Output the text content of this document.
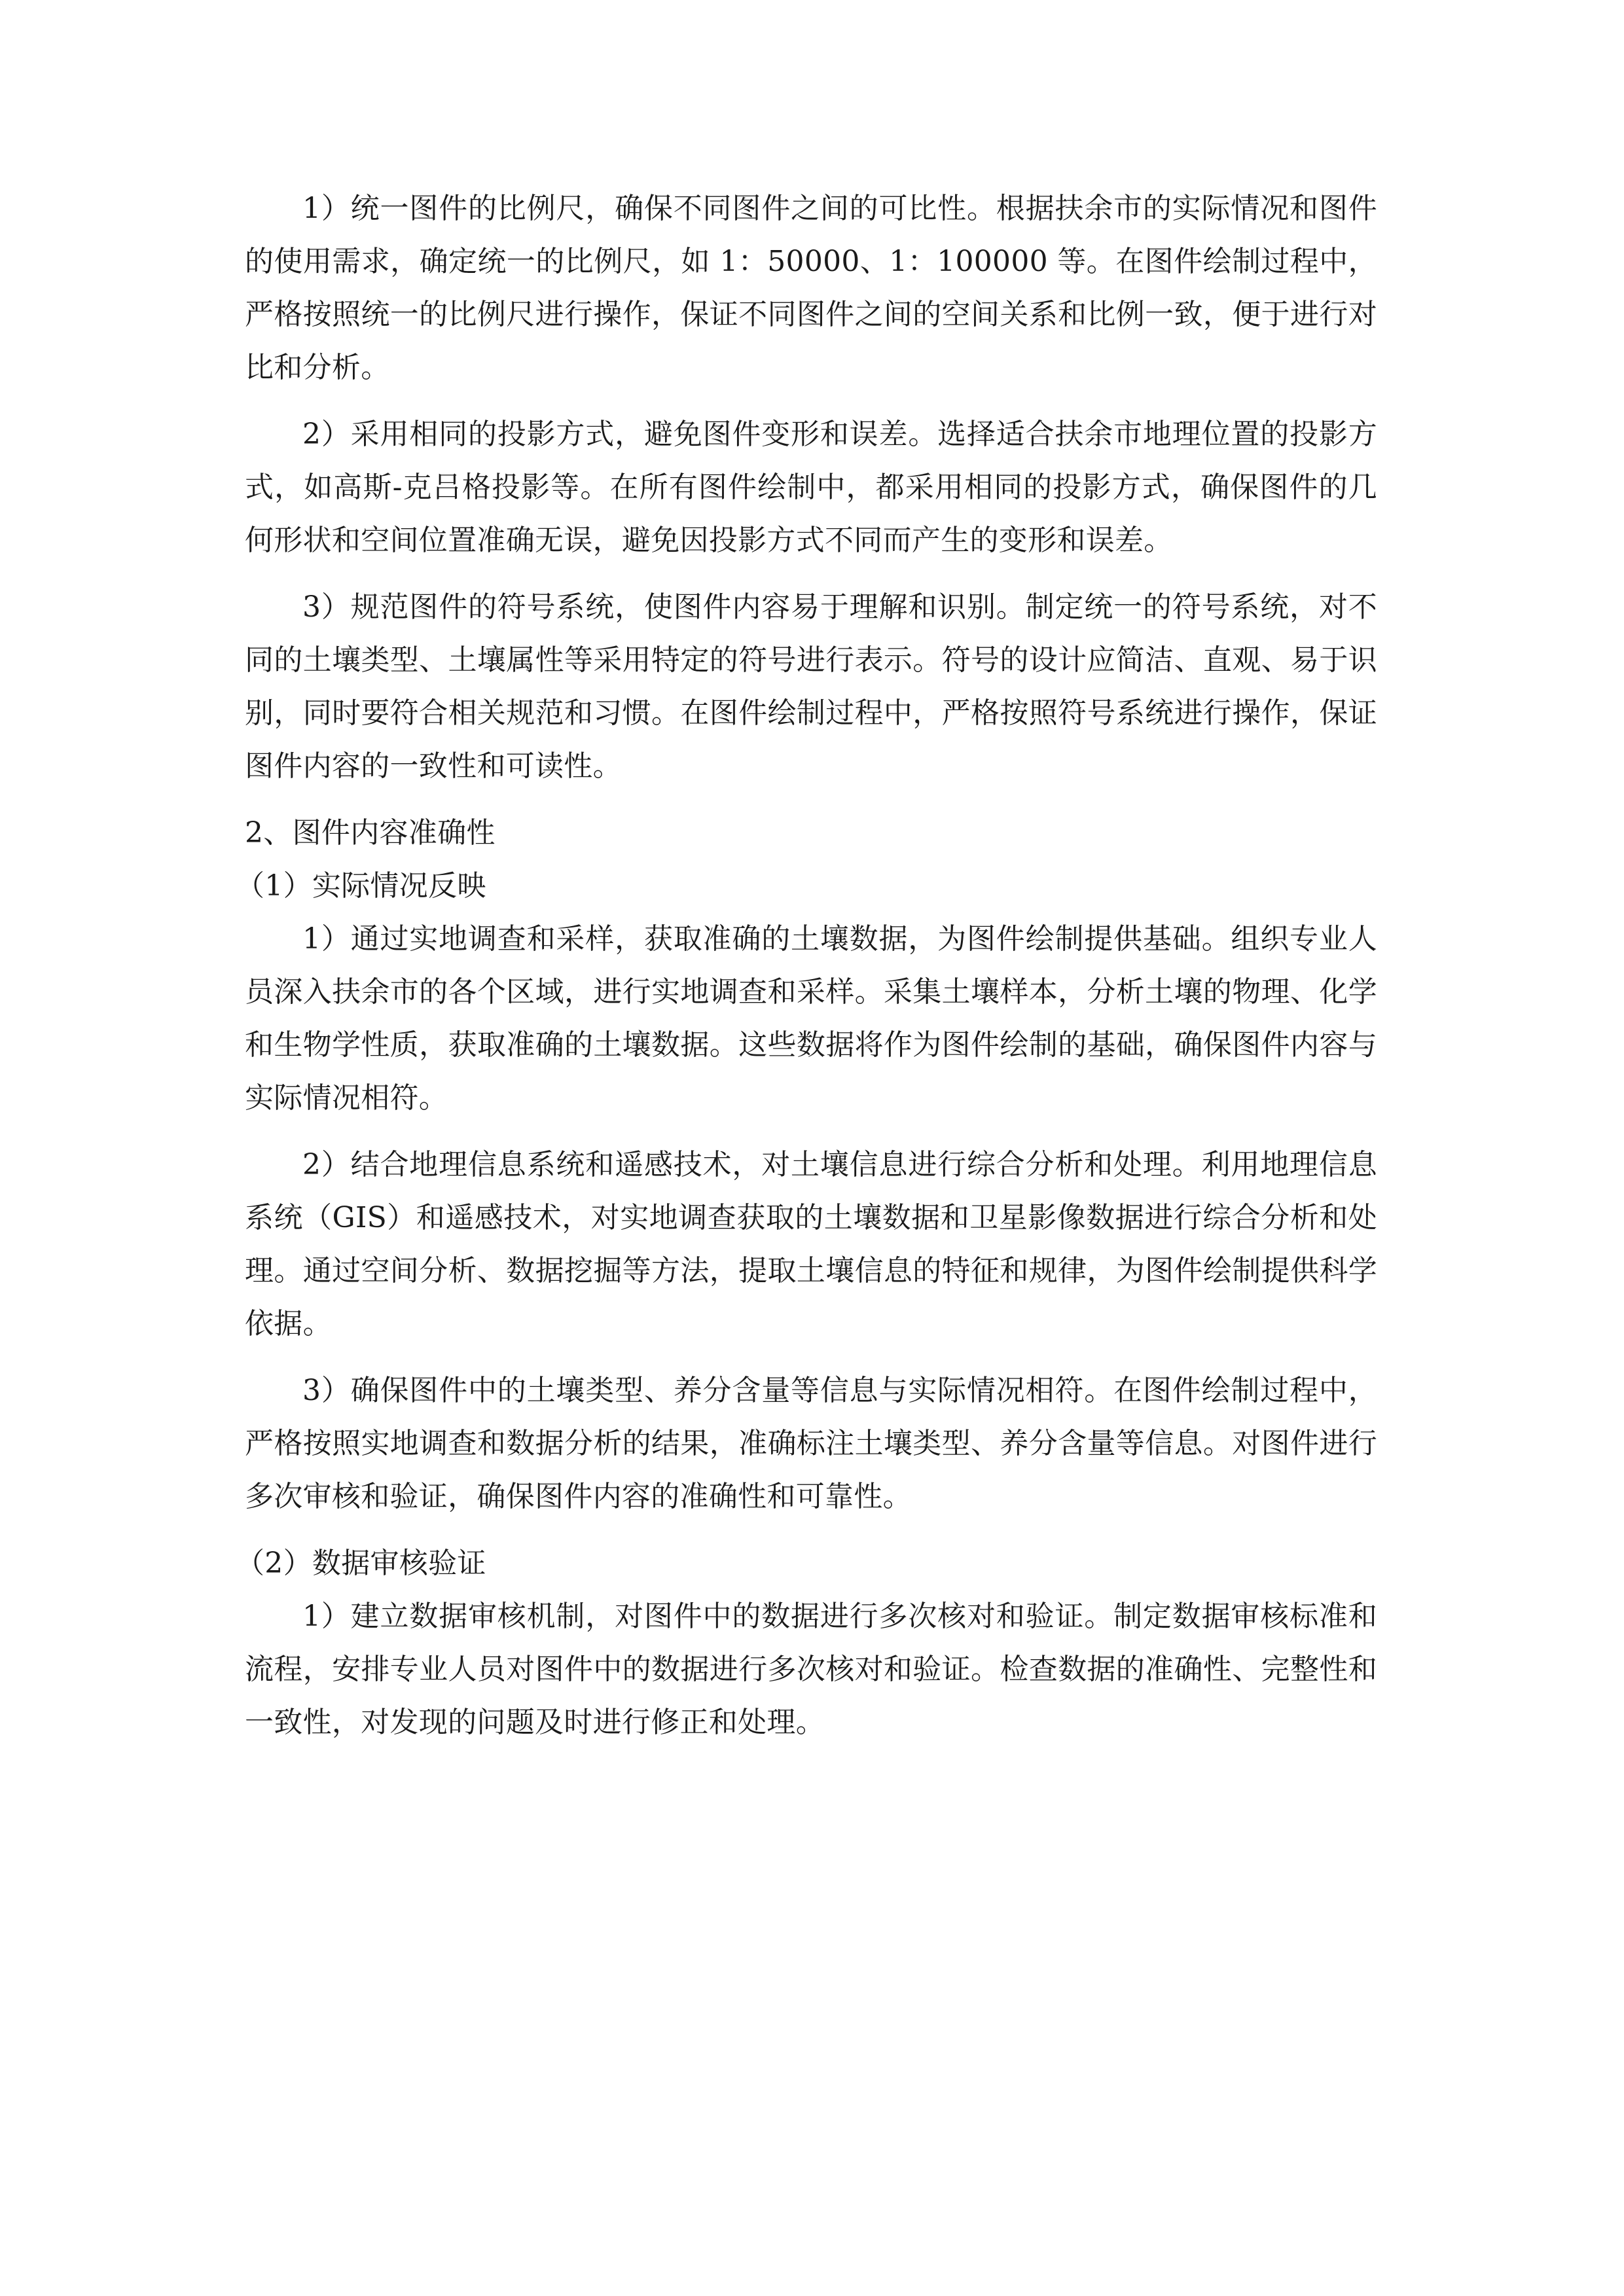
1）统一图件的比例尺，确保不同图件之间的可比性。根据扶余市的实际情况和图件的使用需求，确定统一的比例尺，如 1：50000、1：100000 等。在图件绘制过程中，严格按照统一的比例尺进行操作，保证不同图件之间的空间关系和比例一致，便于进行对比和分析。

2）采用相同的投影方式，避免图件变形和误差。选择适合扶余市地理位置的投影方式，如高斯-克吕格投影等。在所有图件绘制中，都采用相同的投影方式，确保图件的几何形状和空间位置准确无误，避免因投影方式不同而产生的变形和误差。

3）规范图件的符号系统，使图件内容易于理解和识别。制定统一的符号系统，对不同的土壤类型、土壤属性等采用特定的符号进行表示。符号的设计应简洁、直观、易于识别，同时要符合相关规范和习惯。在图件绘制过程中，严格按照符号系统进行操作，保证图件内容的一致性和可读性。

2、图件内容准确性

（1）实际情况反映

1）通过实地调查和采样，获取准确的土壤数据，为图件绘制提供基础。组织专业人员深入扶余市的各个区域，进行实地调查和采样。采集土壤样本，分析土壤的物理、化学和生物学性质，获取准确的土壤数据。这些数据将作为图件绘制的基础，确保图件内容与实际情况相符。

2）结合地理信息系统和遥感技术，对土壤信息进行综合分析和处理。利用地理信息系统（GIS）和遥感技术，对实地调查获取的土壤数据和卫星影像数据进行综合分析和处理。通过空间分析、数据挖掘等方法，提取土壤信息的特征和规律，为图件绘制提供科学依据。

3）确保图件中的土壤类型、养分含量等信息与实际情况相符。在图件绘制过程中，严格按照实地调查和数据分析的结果，准确标注土壤类型、养分含量等信息。对图件进行多次审核和验证，确保图件内容的准确性和可靠性。

（2）数据审核验证

1）建立数据审核机制，对图件中的数据进行多次核对和验证。制定数据审核标准和流程，安排专业人员对图件中的数据进行多次核对和验证。检查数据的准确性、完整性和一致性，对发现的问题及时进行修正和处理。
